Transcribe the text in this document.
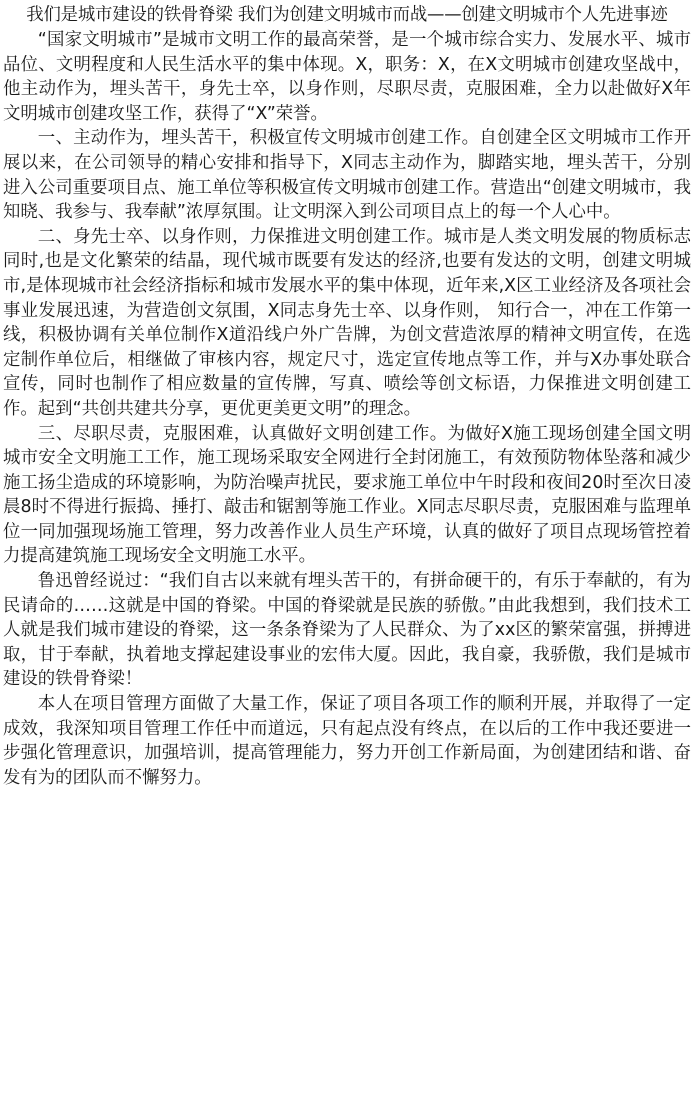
我们是城市建设的铁骨脊梁 我们为创建文明城市而战——创建文明城市个人先进事迹

“国家文明城市”是城市文明工作的最高荣誉，是一个城市综合实力、发展水平、城市品位、文明程度和人民生活水平的集中体现。X，职务：X，在X文明城市创建攻坚战中，他主动作为，埋头苦干，身先士卒，以身作则，尽职尽责，克服困难，全力以赴做好X年文明城市创建攻坚工作，获得了“X”荣誉。

一、主动作为，埋头苦干，积极宣传文明城市创建工作。自创建全区文明城市工作开展以来，在公司领导的精心安排和指导下，X同志主动作为，脚踏实地，埋头苦干，分别进入公司重要项目点、施工单位等积极宣传文明城市创建工作。营造出“创建文明城市，我知晓、我参与、我奉献”浓厚氛围。让文明深入到公司项目点上的每一个人心中。

二、身先士卒、以身作则，力保推进文明创建工作。城市是人类文明发展的物质标志同时,也是文化繁荣的结晶，现代城市既要有发达的经济,也要有发达的文明，创建文明城市,是体现城市社会经济指标和城市发展水平的集中体现，近年来,X区工业经济及各项社会事业发展迅速，为营造创文氛围，X同志身先士卒、以身作则， 知行合一，冲在工作第一线，积极协调有关单位制作X道沿线户外广告牌，为创文营造浓厚的精神文明宣传，在选定制作单位后，相继做了审核内容，规定尺寸，选定宣传地点等工作，并与X办事处联合宣传，同时也制作了相应数量的宣传牌，写真、喷绘等创文标语，力保推进文明创建工作。起到“共创共建共分享，更优更美更文明”的理念。

三、尽职尽责，克服困难，认真做好文明创建工作。为做好X施工现场创建全国文明城市安全文明施工工作，施工现场采取安全网进行全封闭施工，有效预防物体坠落和减少施工扬尘造成的环境影响，为防治噪声扰民，要求施工单位中午时段和夜间20时至次日凌晨8时不得进行振捣、捶打、敲击和锯割等施工作业。X同志尽职尽责，克服困难与监理单位一同加强现场施工管理，努力改善作业人员生产环境，认真的做好了项目点现场管控着力提高建筑施工现场安全文明施工水平。

鲁迅曾经说过：“我们自古以来就有埋头苦干的，有拼命硬干的，有乐于奉献的，有为民请命的……这就是中国的脊梁。中国的脊梁就是民族的骄傲。”由此我想到，我们技术工人就是我们城市建设的脊梁，这一条条脊梁为了人民群众、为了xx区的繁荣富强，拼搏进取，甘于奉献，执着地支撑起建设事业的宏伟大厦。因此，我自豪，我骄傲，我们是城市建设的铁骨脊梁！

本人在项目管理方面做了大量工作，保证了项目各项工作的顺利开展，并取得了一定成效，我深知项目管理工作任中而道远，只有起点没有终点，在以后的工作中我还要进一步强化管理意识，加强培训，提高管理能力，努力开创工作新局面，为创建团结和谐、奋发有为的团队而不懈努力。
